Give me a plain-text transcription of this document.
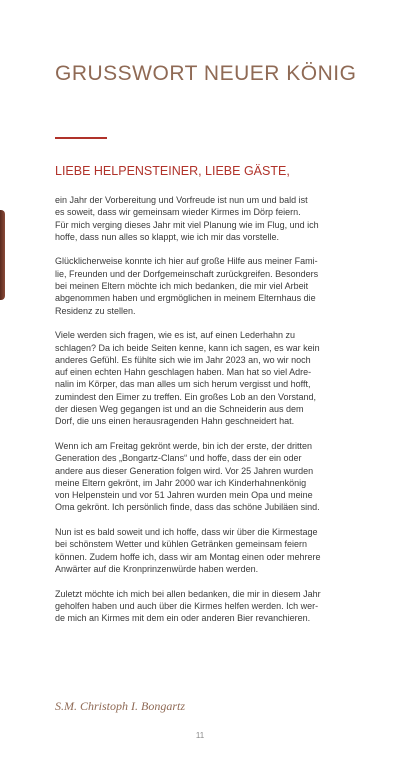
GRUSSWORT NEUER KÖNIG
LIEBE HELPENSTEINER, LIEBE GÄSTE,

ein Jahr der Vorbereitung und Vorfreude ist nun um und bald ist
es soweit, dass wir gemeinsam wieder Kirmes im Dörp feiern.
Für mich verging dieses Jahr mit viel Planung wie im Flug, und ich
hoffe, dass nun alles so klappt, wie ich mir das vorstelle.

Glücklicherweise konnte ich hier auf große Hilfe aus meiner Fami-
lie, Freunden und der Dorfgemeinschaft zurückgreifen. Besonders
bei meinen Eltern möchte ich mich bedanken, die mir viel Arbeit
abgenommen haben und ergmöglichen in meinem Elternhaus die
Residenz zu stellen.

Viele werden sich fragen, wie es ist, auf einen Lederhahn zu
schlagen? Da ich beide Seiten kenne, kann ich sagen, es war kein
anderes Gefühl. Es fühlte sich wie im Jahr 2023 an, wo wir noch
auf einen echten Hahn geschlagen haben. Man hat so viel Adre-
nalin im Körper, das man alles um sich herum vergisst und hofft,
zumindest den Eimer zu treffen. Ein großes Lob an den Vorstand,
der diesen Weg gegangen ist und an die Schneiderin aus dem
Dorf, die uns einen herausragenden Hahn geschneidert hat.

Wenn ich am Freitag gekrönt werde, bin ich der erste, der dritten
Generation des „Bongartz-Clans“ und hoffe, dass der ein oder
andere aus dieser Generation folgen wird. Vor 25 Jahren wurden
meine Eltern gekrönt, im Jahr 2000 war ich Kinderhahnenkönig
von Helpenstein und vor 51 Jahren wurden mein Opa und meine
Oma gekrönt. Ich persönlich finde, dass das schöne Jubiläen sind.

Nun ist es bald soweit und ich hoffe, dass wir über die Kirmestage
bei schönstem Wetter und kühlen Getränken gemeinsam feiern
können. Zudem hoffe ich, dass wir am Montag einen oder mehrere
Anwärter auf die Kronprinzenwürde haben werden.

Zuletzt möchte ich mich bei allen bedanken, die mir in diesem Jahr
geholfen haben und auch über die Kirmes helfen werden. Ich wer-
de mich an Kirmes mit dem ein oder anderen Bier revanchieren.

S.M. Christoph I. Bongartz
11
